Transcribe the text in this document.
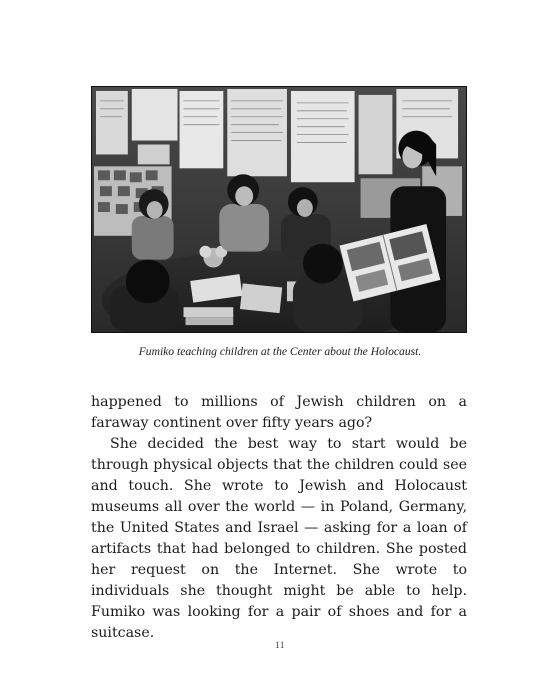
Fumiko teaching children at the Center about the Holocaust.

happened to millions of Jewish children on a faraway continent over fifty years ago?

She decided the best way to start would be through physical objects that the children could see and touch. She wrote to Jewish and Holocaust museums all over the world — in Poland, Germany, the United States and Israel — asking for a loan of artifacts that had belonged to children. She posted her request on the Internet. She wrote to individuals she thought might be able to help. Fumiko was looking for a pair of shoes and for a suitcase.

11
